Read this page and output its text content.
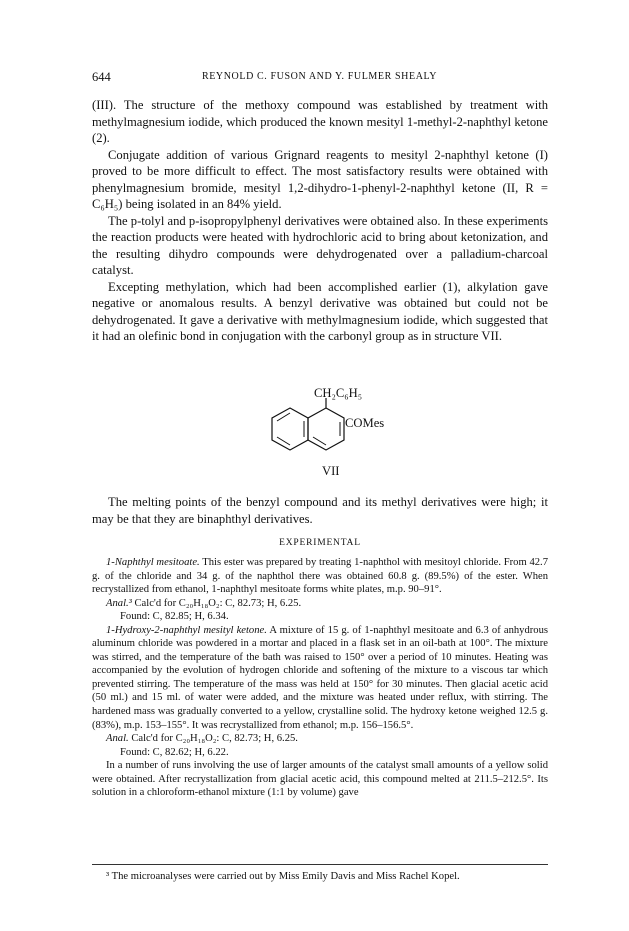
644	REYNOLD C. FUSON AND Y. FULMER SHEALY

(III). The structure of the methoxy compound was established by treatment with methylmagnesium iodide, which produced the known mesityl 1-methyl-2-naphthyl ketone (2).

Conjugate addition of various Grignard reagents to mesityl 2-naphthyl ketone (I) proved to be more difficult to effect. The most satisfactory results were obtained with phenylmagnesium bromide, mesityl 1,2-dihydro-1-phenyl-2-naphthyl ketone (II, R = C₆H₅) being isolated in an 84% yield.

The p-tolyl and p-isopropylphenyl derivatives were obtained also. In these experiments the reaction products were heated with hydrochloric acid to bring about ketonization, and the resulting dihydro compounds were dehydrogenated over a palladium-charcoal catalyst.

Excepting methylation, which had been accomplished earlier (1), alkylation gave negative or anomalous results. A benzyl derivative was obtained but could not be dehydrogenated. It gave a derivative with methylmagnesium iodide, which suggested that it had an olefinic bond in conjugation with the carbonyl group as in structure VII.

CH₂C₆H₅
COMes
VII

The melting points of the benzyl compound and its methyl derivatives were high; it may be that they are binaphthyl derivatives.

EXPERIMENTAL

1-Naphthyl mesitoate. This ester was prepared by treating 1-naphthol with mesitoyl chloride. From 42.7 g. of the chloride and 34 g. of the naphthol there was obtained 60.8 g. (89.5%) of the ester. When recrystallized from ethanol, 1-naphthyl mesitoate forms white plates, m.p. 90–91°.

Anal.³ Calc'd for C₂₀H₁₈O₂: C, 82.73; H, 6.25.

Found: C, 82.85; H, 6.34.

1-Hydroxy-2-naphthyl mesityl ketone. A mixture of 15 g. of 1-naphthyl mesitoate and 6.3 of anhydrous aluminum chloride was powdered in a mortar and placed in a flask set in an oil-bath at 100°. The mixture was stirred, and the temperature of the bath was raised to 150° over a period of 10 minutes. Heating was accompanied by the evolution of hydrogen chloride and softening of the mixture to a viscous tar which prevented stirring. The temperature of the mass was held at 150° for 30 minutes. Then glacial acetic acid (50 ml.) and 15 ml. of water were added, and the mixture was heated under reflux, with stirring. The hardened mass was gradually converted to a yellow, crystalline solid. The hydroxy ketone weighed 12.5 g. (83%), m.p. 153–155°. It was recrystallized from ethanol; m.p. 156–156.5°.

Anal. Calc'd for C₂₀H₁₈O₂: C, 82.73; H, 6.25.

Found: C, 82.62; H, 6.22.

In a number of runs involving the use of larger amounts of the catalyst small amounts of a yellow solid were obtained. After recrystallization from glacial acetic acid, this compound melted at 211.5–212.5°. Its solution in a chloroform-ethanol mixture (1:1 by volume) gave

³ The microanalyses were carried out by Miss Emily Davis and Miss Rachel Kopel.
